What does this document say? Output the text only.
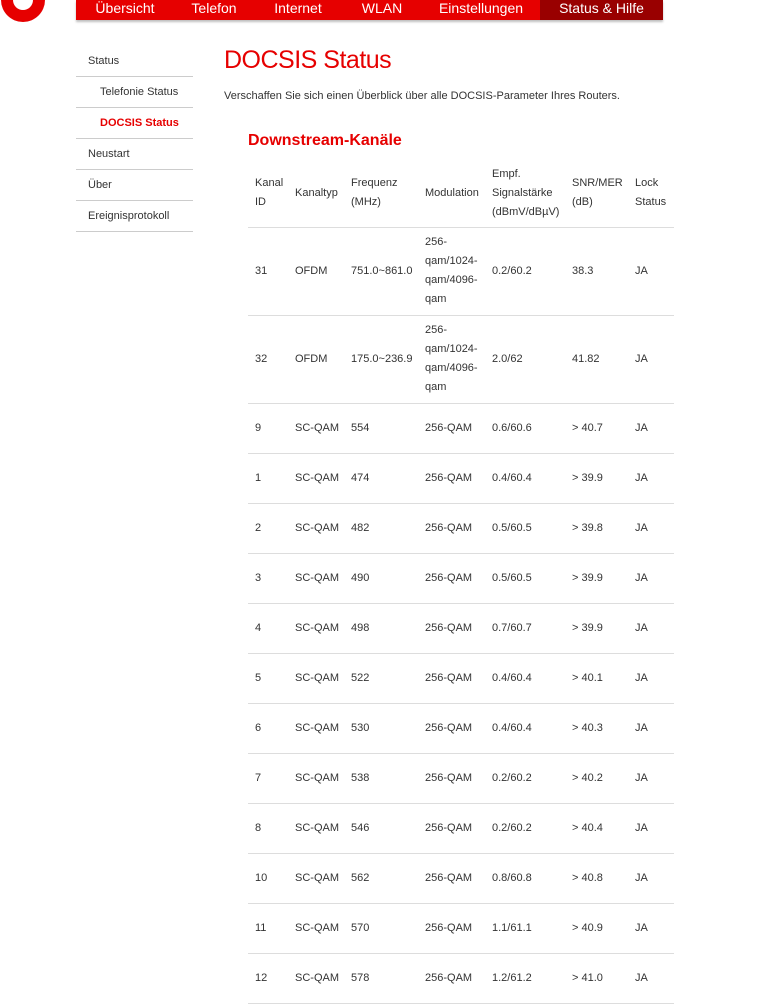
Übersicht	Telefon	Internet	WLAN	Einstellungen	Status & Hilfe
Status
Telefonie Status
DOCSIS Status
Neustart
Über
Ereignisprotokoll
DOCSIS Status
Verschaffen Sie sich einen Überblick über alle DOCSIS-Parameter Ihres Routers.
Downstream-Kanäle
Kanal ID	Kanaltyp	Frequenz (MHz)	Modulation	Empf. Signalstärke (dBmV/dBµV)	SNR/MER (dB)	Lock Status
31	OFDM	751.0~861.0	256-qam/1024-qam/4096-qam	0.2/60.2	38.3	JA
32	OFDM	175.0~236.9	256-qam/1024-qam/4096-qam	2.0/62	41.82	JA
9	SC-QAM	554	256-QAM	0.6/60.6	> 40.7	JA
1	SC-QAM	474	256-QAM	0.4/60.4	> 39.9	JA
2	SC-QAM	482	256-QAM	0.5/60.5	> 39.8	JA
3	SC-QAM	490	256-QAM	0.5/60.5	> 39.9	JA
4	SC-QAM	498	256-QAM	0.7/60.7	> 39.9	JA
5	SC-QAM	522	256-QAM	0.4/60.4	> 40.1	JA
6	SC-QAM	530	256-QAM	0.4/60.4	> 40.3	JA
7	SC-QAM	538	256-QAM	0.2/60.2	> 40.2	JA
8	SC-QAM	546	256-QAM	0.2/60.2	> 40.4	JA
10	SC-QAM	562	256-QAM	0.8/60.8	> 40.8	JA
11	SC-QAM	570	256-QAM	1.1/61.1	> 40.9	JA
12	SC-QAM	578	256-QAM	1.2/61.2	> 41.0	JA
